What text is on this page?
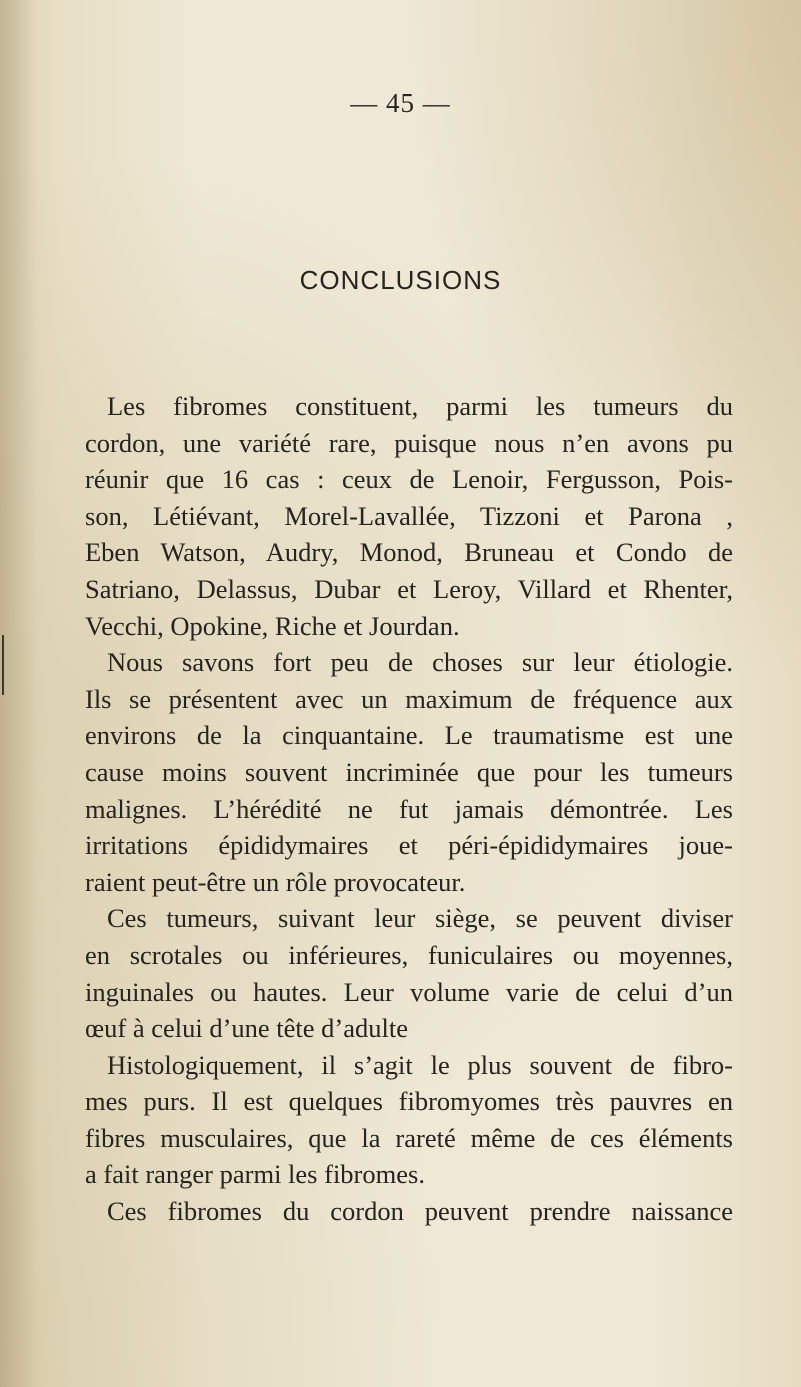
— 45 —
CONCLUSIONS
Les fibromes constituent, parmi les tumeurs du
cordon, une variété rare, puisque nous n’en avons pu
réunir que 16 cas : ceux de Lenoir, Fergusson, Pois-
son, Létiévant, Morel-Lavallée, Tizzoni et Parona ,
Eben Watson, Audry, Monod, Bruneau et Condo de
Satriano, Delassus, Dubar et Leroy, Villard et Rhenter,
Vecchi, Opokine, Riche et Jourdan.
Nous savons fort peu de choses sur leur étiologie.
Ils se présentent avec un maximum de fréquence aux
environs de la cinquantaine. Le traumatisme est une
cause moins souvent incriminée que pour les tumeurs
malignes. L’hérédité ne fut jamais démontrée. Les
irritations épididymaires et péri-épididymaires joue-
raient peut-être un rôle provocateur.
Ces tumeurs, suivant leur siège, se peuvent diviser
en scrotales ou inférieures, funiculaires ou moyennes,
inguinales ou hautes. Leur volume varie de celui d’un
œuf à celui d’une tête d’adulte
Histologiquement, il s’agit le plus souvent de fibro-
mes purs. Il est quelques fibromyomes très pauvres en
fibres musculaires, que la rareté même de ces éléments
a fait ranger parmi les fibromes.
Ces fibromes du cordon peuvent prendre naissance
